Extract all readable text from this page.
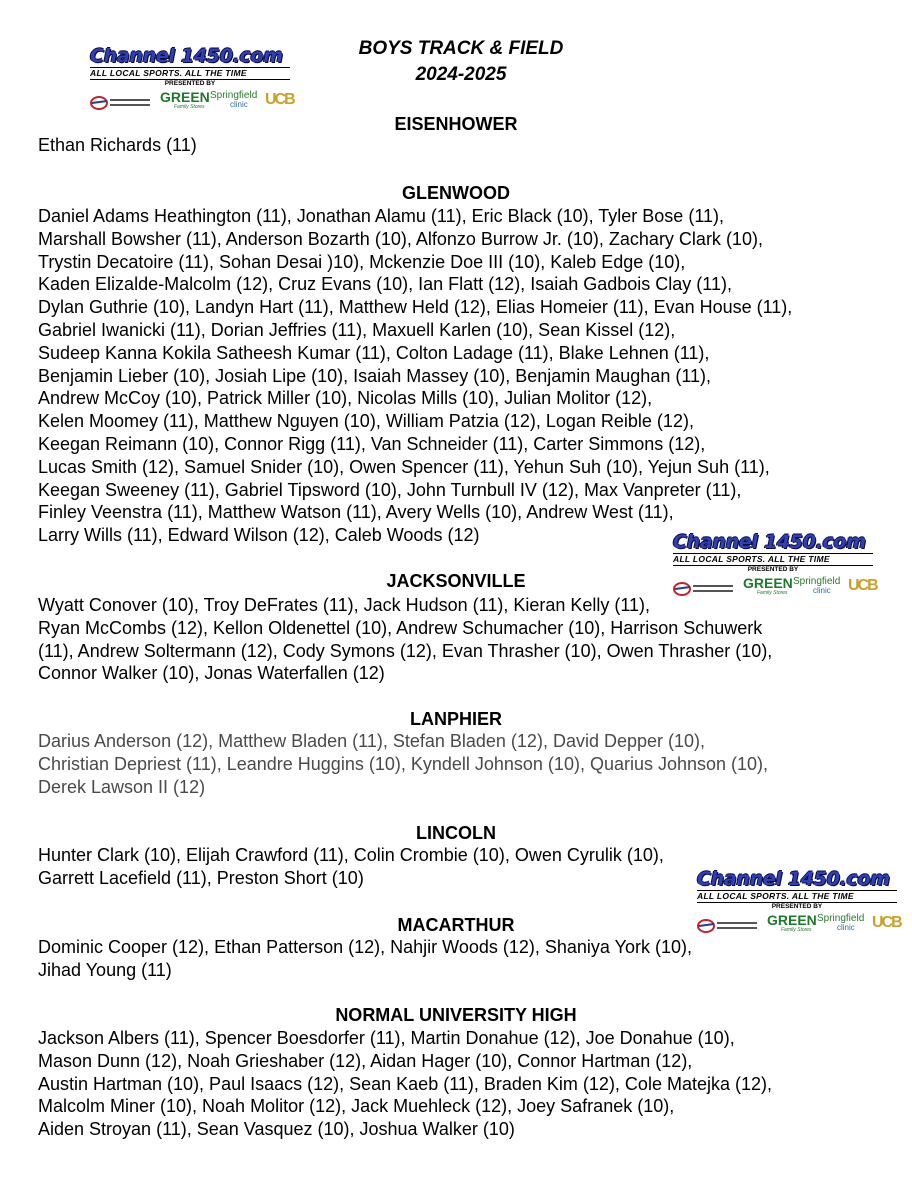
Channel 1450.com
ALL LOCAL SPORTS. ALL THE TIME
PRESENTED BY
GREEN
Family Stores
Springfield
clinic UCB
Channel 1450.com
ALL LOCAL SPORTS. ALL THE TIME
PRESENTED BY
GREEN
Family Stores
Springfield
clinic UCB
Channel 1450.com
ALL LOCAL SPORTS. ALL THE TIME
PRESENTED BY
GREEN
Family Stores
Springfield
clinic UCB
BOYS TRACK & FIELD
2024-2025
EISENHOWER
Ethan Richards (11)
GLENWOOD
Daniel Adams Heathington (11), Jonathan Alamu (11), Eric Black (10), Tyler Bose (11),
Marshall Bowsher (11), Anderson Bozarth (10), Alfonzo Burrow Jr. (10), Zachary Clark (10),
Trystin Decatoire (11), Sohan Desai )10), Mckenzie Doe III (10), Kaleb Edge (10),
Kaden Elizalde-Malcolm (12), Cruz Evans (10), Ian Flatt (12), Isaiah Gadbois Clay (11),
Dylan Guthrie (10), Landyn Hart (11), Matthew Held (12), Elias Homeier (11), Evan House (11),
Gabriel Iwanicki (11), Dorian Jeffries (11), Maxuell Karlen (10), Sean Kissel (12),
Sudeep Kanna Kokila Satheesh Kumar (11), Colton Ladage (11), Blake Lehnen (11),
Benjamin Lieber (10), Josiah Lipe (10), Isaiah Massey (10), Benjamin Maughan (11),
Andrew McCoy (10), Patrick Miller (10), Nicolas Mills (10), Julian Molitor (12),
Kelen Moomey (11), Matthew Nguyen (10), William Patzia (12), Logan Reible (12),
Keegan Reimann (10), Connor Rigg (11), Van Schneider (11), Carter Simmons (12),
Lucas Smith (12), Samuel Snider (10), Owen Spencer (11), Yehun Suh (10), Yejun Suh (11),
Keegan Sweeney (11), Gabriel Tipsword (10), John Turnbull IV (12), Max Vanpreter (11),
Finley Veenstra (11), Matthew Watson (11), Avery Wells (10), Andrew West (11),
Larry Wills (11), Edward Wilson (12), Caleb Woods (12)
JACKSONVILLE
Wyatt Conover (10), Troy DeFrates (11), Jack Hudson (11), Kieran Kelly (11),
Ryan McCombs (12), Kellon Oldenettel (10), Andrew Schumacher (10), Harrison Schuwerk
(11), Andrew Soltermann (12), Cody Symons (12), Evan Thrasher (10), Owen Thrasher (10),
Connor Walker (10), Jonas Waterfallen (12)
LANPHIER
Darius Anderson (12), Matthew Bladen (11), Stefan Bladen (12), David Depper (10),
Christian Depriest (11), Leandre Huggins (10), Kyndell Johnson (10), Quarius Johnson (10),
Derek Lawson II (12)
LINCOLN
Hunter Clark (10), Elijah Crawford (11), Colin Crombie (10), Owen Cyrulik (10),
Garrett Lacefield (11), Preston Short (10)
MACARTHUR
Dominic Cooper (12), Ethan Patterson (12), Nahjir Woods (12), Shaniya York (10),
Jihad Young (11)
NORMAL UNIVERSITY HIGH
Jackson Albers (11), Spencer Boesdorfer (11), Martin Donahue (12), Joe Donahue (10),
Mason Dunn (12), Noah Grieshaber (12), Aidan Hager (10), Connor Hartman (12),
Austin Hartman (10), Paul Isaacs (12), Sean Kaeb (11), Braden Kim (12), Cole Matejka (12),
Malcolm Miner (10), Noah Molitor (12), Jack Muehleck (12), Joey Safranek (10),
Aiden Stroyan (11), Sean Vasquez (10), Joshua Walker (10)
